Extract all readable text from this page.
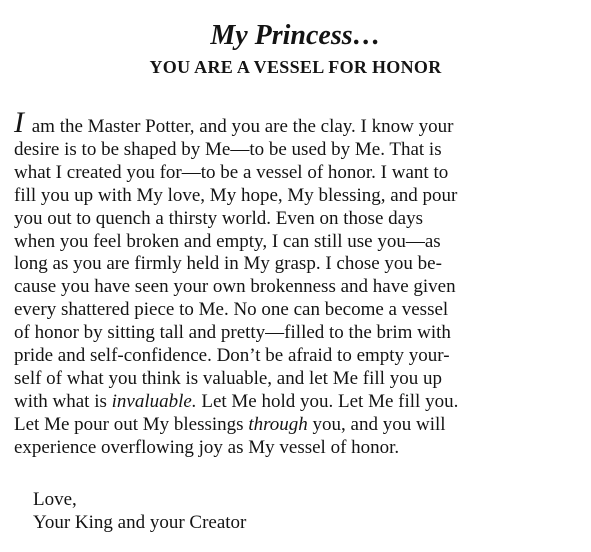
My Princess…
YOU ARE A VESSEL FOR HONOR
I am the Master Potter, and you are the clay. I know your
desire is to be shaped by Me—to be used by Me. That is
what I created you for—to be a vessel of honor. I want to
fill you up with My love, My hope, My blessing, and pour
you out to quench a thirsty world. Even on those days
when you feel broken and empty, I can still use you—as
long as you are firmly held in My grasp. I chose you be-
cause you have seen your own brokenness and have given
every shattered piece to Me. No one can become a vessel
of honor by sitting tall and pretty—filled to the brim with
pride and self-confidence. Don’t be afraid to empty your-
self of what you think is valuable, and let Me fill you up
with what is invaluable. Let Me hold you. Let Me fill you.
Let Me pour out My blessings through you, and you will
experience overflowing joy as My vessel of honor.
Love,
Your King and your Creator
